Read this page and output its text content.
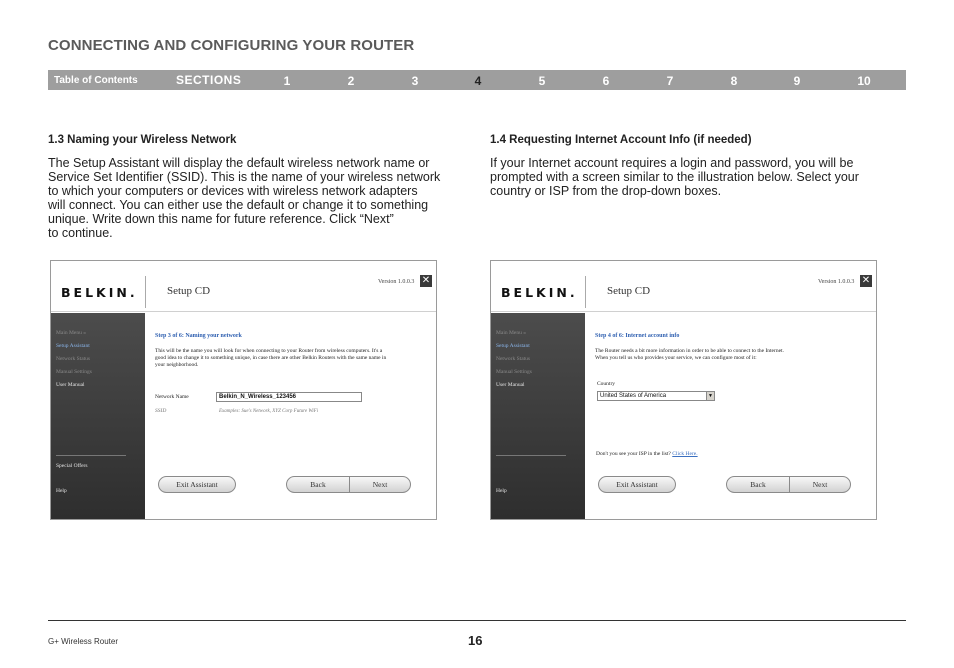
CONNECTING AND CONFIGURING YOUR ROUTER
Table of Contents	SECTIONS	1	2	3	4	5	6	7	8	9	10
1.3 Naming your Wireless Network
The Setup Assistant will display the default wireless network name or
Service Set Identifier (SSID). This is the name of your wireless network
to which your computers or devices with wireless network adapters
will connect. You can either use the default or change it to something
unique. Write down this name for future reference. Click “Next”
to continue.
1.4 Requesting Internet Account Info (if needed)
If your Internet account requires a login and password, you will be
prompted with a screen similar to the illustration below. Select your
country or ISP from the drop-down boxes.
BELKIN.	Setup CD
Version 1.0.0.3 ✕
Main Menu »
Setup Assistant
Network Status
Manual Settings
User Manual
Special Offers
Help
Step 3 of 6: Naming your network
This will be the name you will look for when connecting to your Router from wireless computers. It's a
good idea to change it to something unique, in case there are other Belkin Routers with the same name in
your neighborhood.
Network Name	Belkin_N_Wireless_123456
SSID	Examples: Sue's Network, XYZ Corp Future WiFi
Exit Assistant	Back	Next
BELKIN.	Setup CD
Version 1.0.0.3 ✕
Main Menu »
Setup Assistant
Network Status
Manual Settings
User Manual
Help
Step 4 of 6: Internet account info
The Router needs a bit more information in order to be able to connect to the Internet.
When you tell us who provides your service, we can configure most of it:
Country
United States of America	▼
Don't you see your ISP in the list? Click Here.
Exit Assistant	Back	Next
G+ Wireless Router	16
